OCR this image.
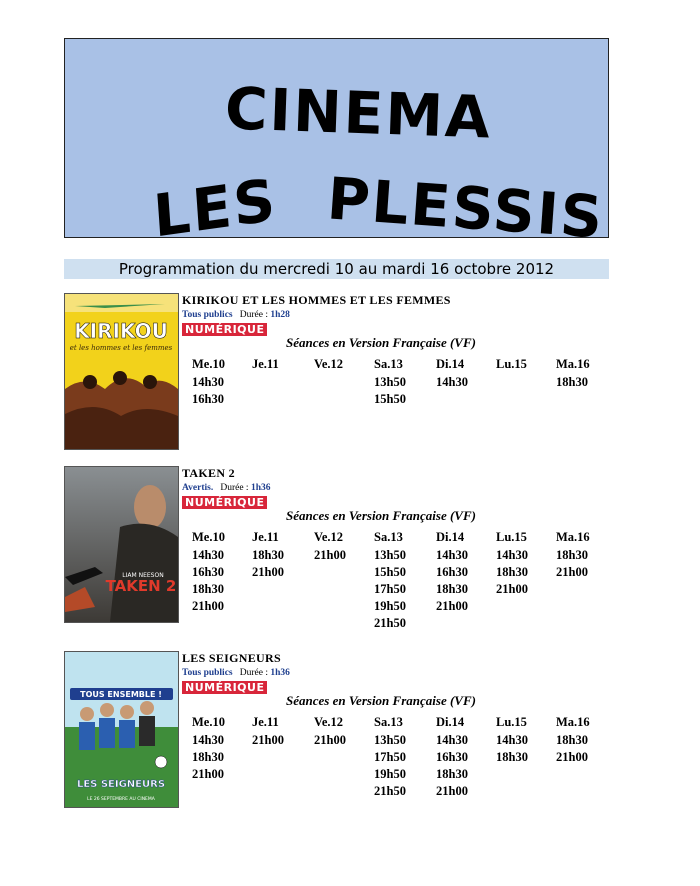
CINEMA
LES PLESSIS
Programmation du mercredi 10 au mardi 16 octobre 2012
KIRIKOU
et les hommes et les femmes
KIRIKOU ET LES HOMMES ET LES FEMMES
Tous publics Durée : 1h28
NUMÉRIQUE
Séances en Version Française (VF)
Me.10
14h30
16h30
Je.11	Ve.12 Sa.13
13h50
15h50
Di.14
14h30
Lu.15 Ma.16
18h30
LIAM NEESON
TAKEN 2
TAKEN 2
Avertis. Durée : 1h36
NUMÉRIQUE
Séances en Version Française (VF)
Me.10
14h30
16h30
18h30
21h00
Je.11
18h30
21h00
Ve.12
21h00
Sa.13
13h50
15h50
17h50
19h50
21h50
Di.14
14h30
16h30
18h30
21h00
Lu.15
14h30
18h30
21h00
Ma.16
18h30
21h00
TOUS ENSEMBLE !
LES SEIGNEURS
LE 26 SEPTEMBRE AU CINEMA
LES SEIGNEURS
Tous publics Durée : 1h36
NUMÉRIQUE
Séances en Version Française (VF)
Me.10
14h30
18h30
21h00
Je.11
21h00
Ve.12
21h00
Sa.13
13h50
17h50
19h50
21h50
Di.14
14h30
16h30
18h30
21h00
Lu.15
14h30
18h30
Ma.16
18h30
21h00
